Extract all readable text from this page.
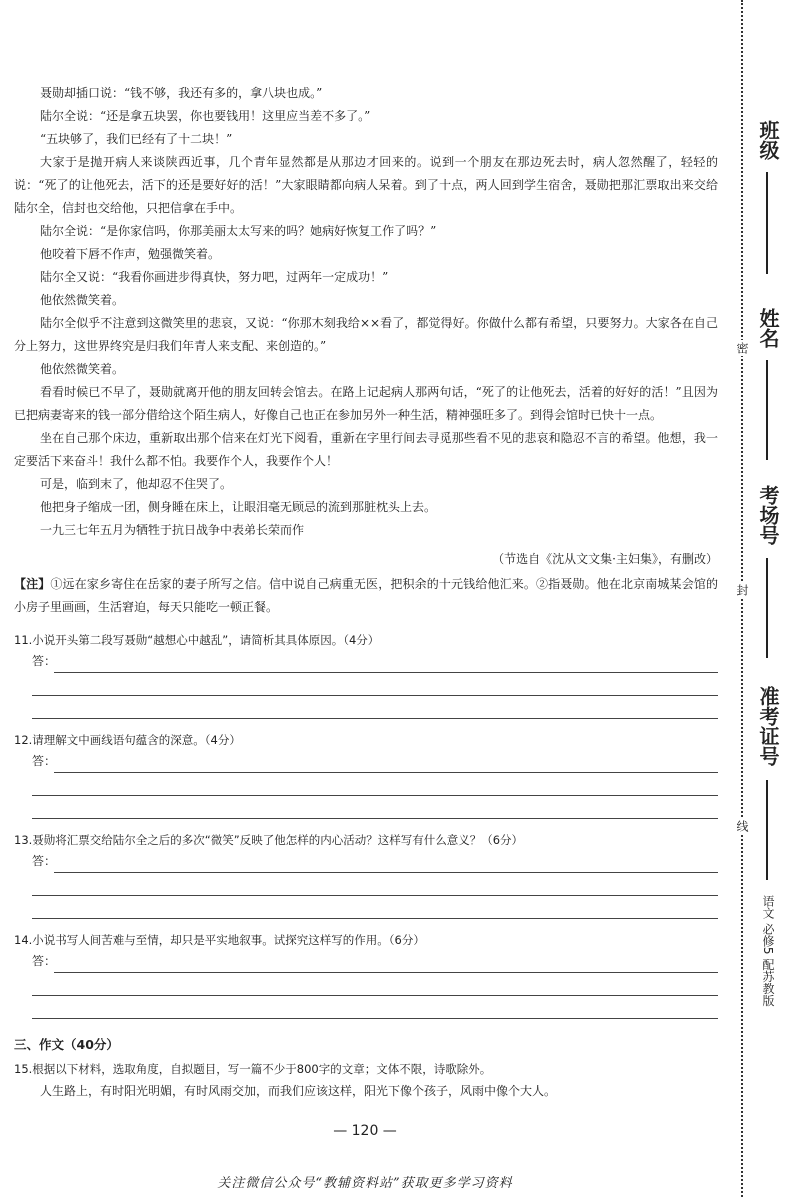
聂勋却插口说：“钱不够，我还有多的，拿八块也成。”

陆尔全说：“还是拿五块罢，你也要钱用！这里应当差不多了。”

“五块够了，我们已经有了十二块！”

大家于是抛开病人来谈陕西近事，几个青年显然都是从那边才回来的。说到一个朋友在那边死去时，病人忽然醒了，轻轻的说：“死了的让他死去，活下的还是要好好的活！”大家眼睛都向病人呆着。到了十点，两人回到学生宿舍，聂勋把那汇票取出来交给陆尔全，信封也交给他，只把信拿在手中。

陆尔全说：“是你家信吗，你那美丽太太写来的吗？她病好恢复工作了吗？”

他咬着下唇不作声，勉强微笑着。

陆尔全又说：“我看你画进步得真快，努力吧，过两年一定成功！”

他依然微笑着。

陆尔全似乎不注意到这微笑里的悲哀，又说：“你那木刻我给××看了，都觉得好。你做什么都有希望，只要努力。大家各在自己分上努力，这世界终究是归我们年青人来支配、来创造的。”

他依然微笑着。

看看时候已不早了，聂勋就离开他的朋友回转会馆去。在路上记起病人那两句话，“死了的让他死去，活着的好好的活！”且因为已把病妻寄来的钱一部分借给这个陌生病人，好像自己也正在参加另外一种生活，精神强旺多了。到得会馆时已快十一点。

坐在自己那个床边，重新取出那个信来在灯光下阅看，重新在字里行间去寻觅那些看不见的悲哀和隐忍不言的希望。他想，我一定要活下来奋斗！我什么都不怕。我要作个人，我要作个人！

可是，临到末了，他却忍不住哭了。

他把身子缩成一团，侧身睡在床上，让眼泪毫无顾忌的流到那脏枕头上去。

一九三七年五月为牺牲于抗日战争中表弟长荣而作

（节选自《沈从文文集·主妇集》，有删改）

【注】①远在家乡寄住在岳家的妻子所写之信。信中说自己病重无医，把积余的十元钱给他汇来。②指聂勋。他在北京南城某会馆的小房子里画画，生活窘迫，每天只能吃一顿正餐。

11.小说开头第二段写聂勋“越想心中越乱”，请简析其具体原因。（4分）
答：
12.请理解文中画线语句蕴含的深意。（4分）
答：
13.聂勋将汇票交给陆尔全之后的多次“微笑”反映了他怎样的内心活动？这样写有什么意义？（6分）
答：
14.小说书写人间苦难与至情，却只是平实地叙事。试探究这样写的作用。（6分）
答：
三、作文（40分）
15.根据以下材料，选取角度，自拟题目，写一篇不少于800字的文章；文体不限，诗歌除外。

人生路上，有时阳光明媚，有时风雨交加，而我们应该这样，阳光下像个孩子，风雨中像个大人。

— 120 —
关注微信公众号“教辅资料站”获取更多学习资料
班级
姓名
考场号
准考证号
密
封
线
语文 必修5 配苏教版
